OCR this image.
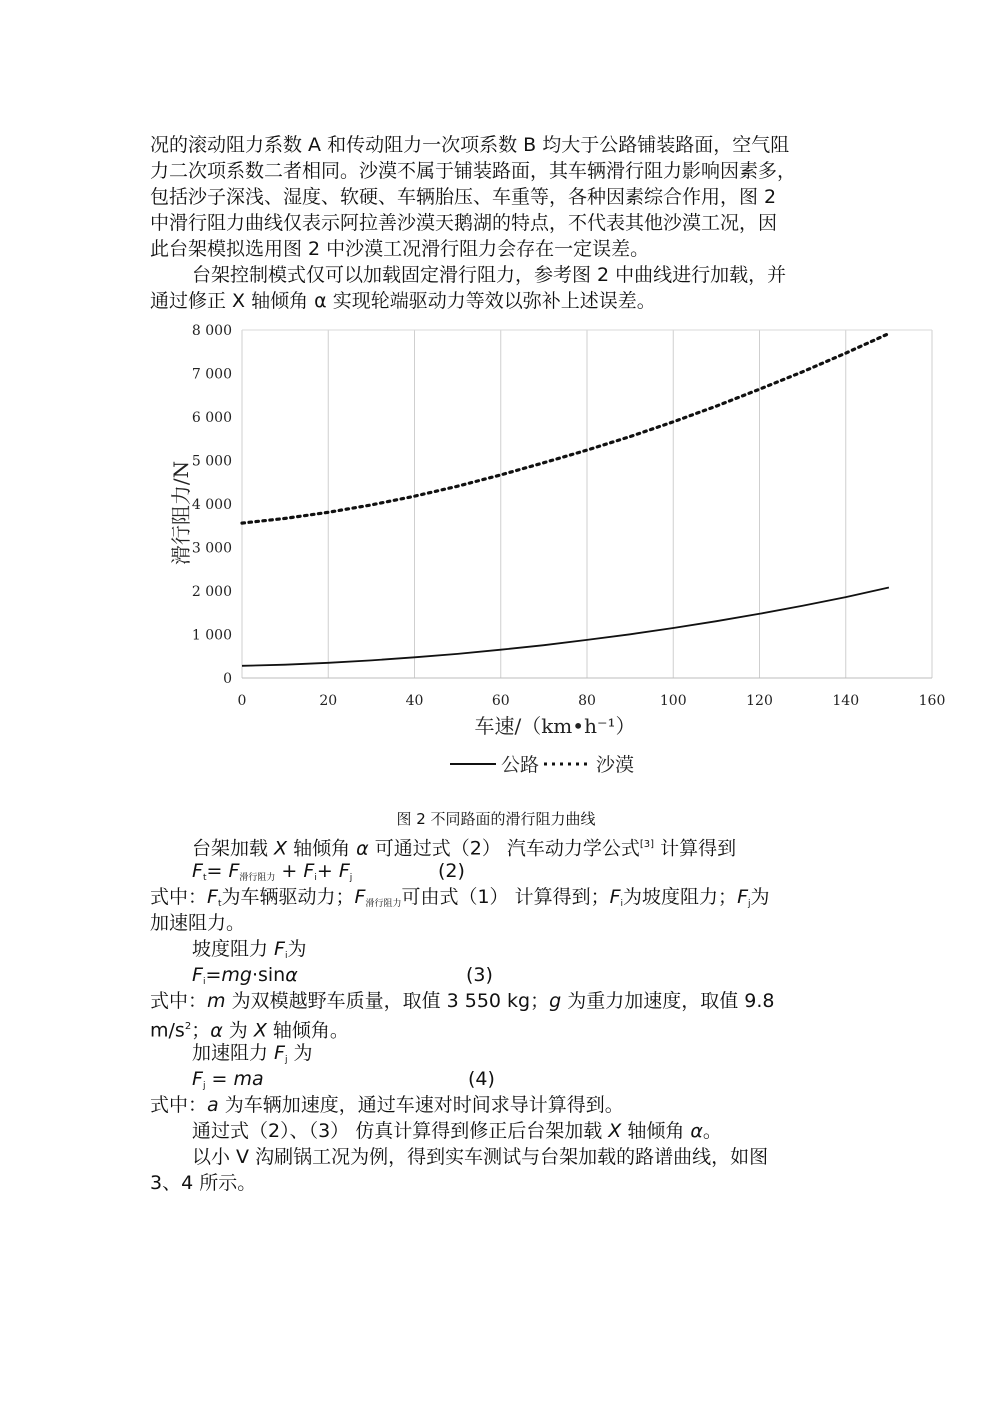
况的滚动阻力系数 A 和传动阻力一次项系数 B 均大于公路铺装路面，空气阻
力二次项系数二者相同。沙漠不属于铺装路面，其车辆滑行阻力影响因素多，
包括沙子深浅、湿度、软硬、车辆胎压、车重等，各种因素综合作用，图 2
中滑行阻力曲线仅表示阿拉善沙漠天鹅湖的特点，不代表其他沙漠工况，因
此台架模拟选用图 2 中沙漠工况滑行阻力会存在一定误差。
台架控制模式仅可以加载固定滑行阻力，参考图 2 中曲线进行加载，并
通过修正 X 轴倾角 α 实现轮端驱动力等效以弥补上述误差。
0	20	40	60	80	100	120	140	160
0
1 000
2 000
3 000
4 000
5 000
6 000
7 000
8 000
车速/（km•h⁻¹）
滑行阻力/N
公路	沙漠
图 2 不同路面的滑行阻力曲线
台架加载 X 轴倾角 α 可通过式（2） 汽车动力学公式[3] 计算得到
$F_t= F_{滑行阻力} + F_i+ F_j$	(2)
式中：$F_t$为车辆驱动力；$F_{滑行阻力}$可由式（1） 计算得到；$F_i$为坡度阻力；$F_j$为
加速阻力。
坡度阻力 $F_i$为
$F_i=mg\cdot\sin\alpha$	(3)
式中：m 为双模越野车质量，取值 3 550 kg；g 为重力加速度，取值 9.8
$m/s^2$；α 为 X 轴倾角。
加速阻力 $F_j$ 为
$F_j$ = ma	(4)
式中：a 为车辆加速度，通过车速对时间求导计算得到。
通过式（2）、（3） 仿真计算得到修正后台架加载 X 轴倾角 α。
以小 V 沟刷锅工况为例，得到实车测试与台架加载的路谱曲线，如图
3、4 所示。
